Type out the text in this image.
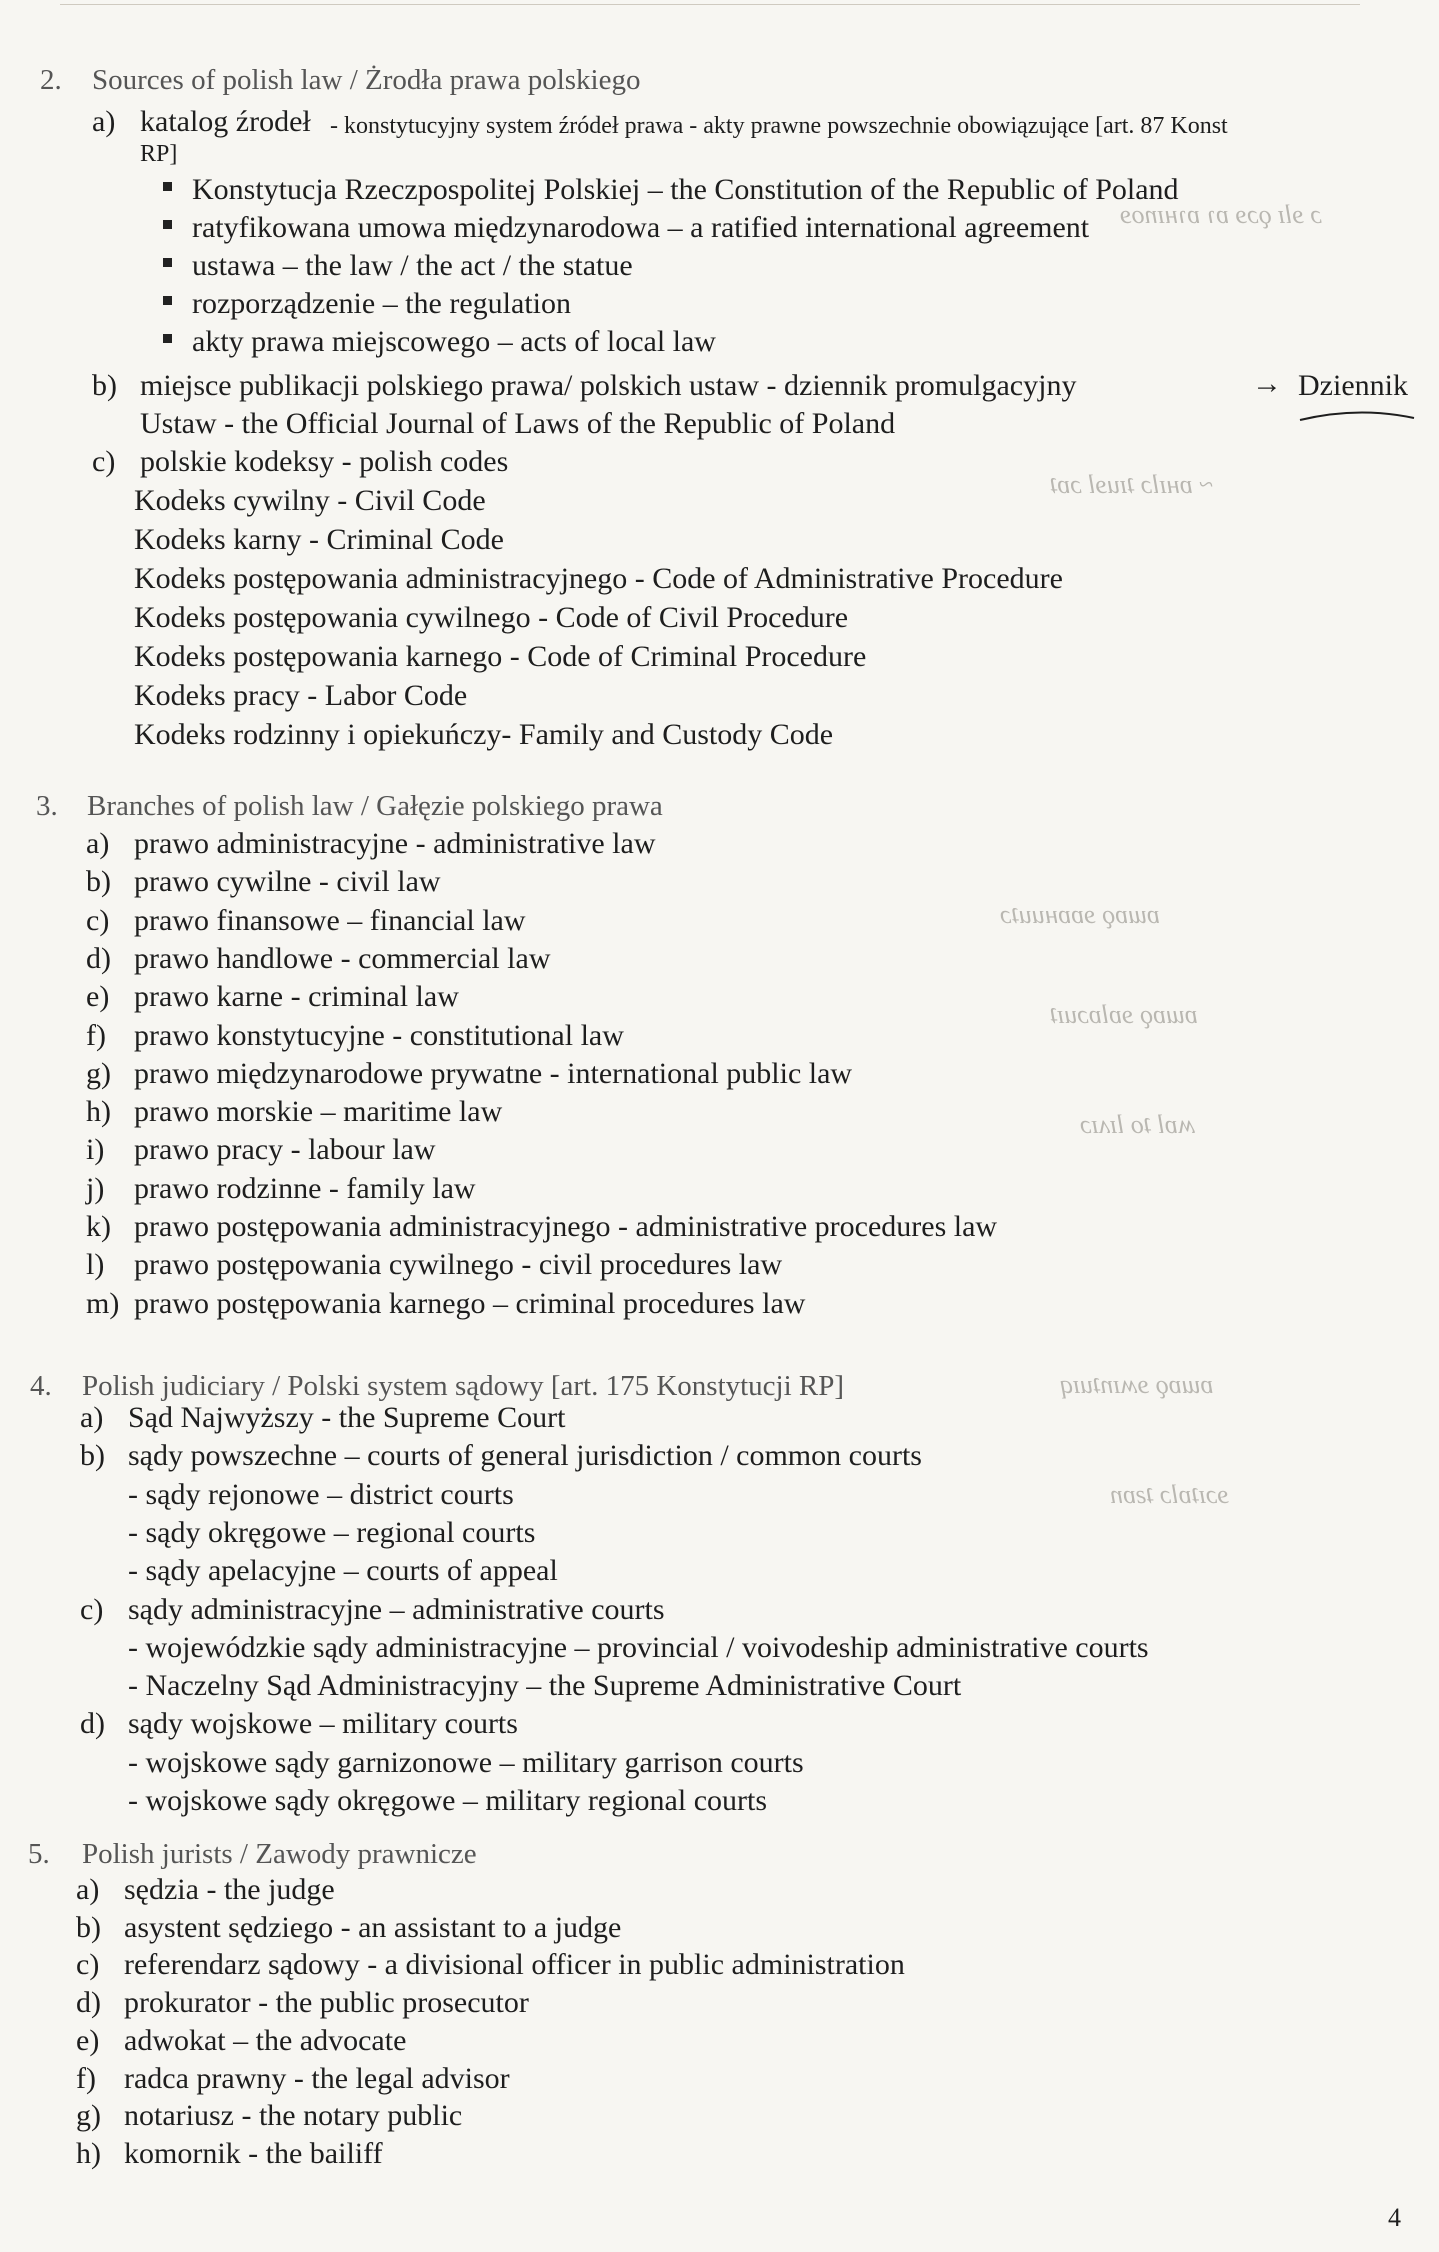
ɔ ɘlɪ ǫɔɘ ɒɿ ɒɿʜɪnoɘ
~ ɒʜɪlɔ ʇɪuɘl ɔɒʇ
ɒɯɒǫ ɘɒɒʜuuʇɔ
ɒɯɒǫ ɘɒlɒɔuɪʇ
ʍɒl ʇo lɪʌɪɔ
ɒɯɒǫ ɘʍɪnʇuɪq
ɘɔɪʇɒlɔ ʇƨɒn
2. Sources of polish law / Żrodła prawa polskiego
a) katalog źrodeł - konstytucyjny system źródeł prawa - akty prawne powszechnie obowiązujące [art. 87 Konst
RP]
Konstytucja Rzeczpospolitej Polskiej – the Constitution of the Republic of Poland
ratyfikowana umowa międzynarodowa – a ratified international agreement
ustawa – the law / the act / the statue
rozporządzenie – the regulation
akty prawa miejscowego – acts of local law
b) miejsce publikacji polskiego prawa/ polskich ustaw - dziennik promulgacyjny	→ Dziennik
Ustaw - the Official Journal of Laws of the Republic of Poland
c) polskie kodeksy - polish codes
Kodeks cywilny - Civil Code
Kodeks karny - Criminal Code
Kodeks postępowania administracyjnego - Code of Administrative Procedure
Kodeks postępowania cywilnego - Code of Civil Procedure
Kodeks postępowania karnego - Code of Criminal Procedure
Kodeks pracy - Labor Code
Kodeks rodzinny i opiekuńczy- Family and Custody Code
3. Branches of polish law / Gałęzie polskiego prawa
a) prawo administracyjne - administrative law
b) prawo cywilne - civil law
c) prawo finansowe – financial law
d) prawo handlowe - commercial law
e) prawo karne - criminal law
f) prawo konstytucyjne - constitutional law
g) prawo międzynarodowe prywatne - international public law
h) prawo morskie – maritime law
i) prawo pracy - labour law
j) prawo rodzinne - family law
k) prawo postępowania administracyjnego - administrative procedures law
l) prawo postępowania cywilnego - civil procedures law
m) prawo postępowania karnego – criminal procedures law
4. Polish judiciary / Polski system sądowy [art. 175 Konstytucji RP]
a) Sąd Najwyższy - the Supreme Court
b) sądy powszechne – courts of general jurisdiction / common courts
- sądy rejonowe – district courts
- sądy okręgowe – regional courts
- sądy apelacyjne – courts of appeal
c) sądy administracyjne – administrative courts
- wojewódzkie sądy administracyjne – provincial / voivodeship administrative courts
- Naczelny Sąd Administracyjny – the Supreme Administrative Court
d) sądy wojskowe – military courts
- wojskowe sądy garnizonowe – military garrison courts
- wojskowe sądy okręgowe – military regional courts
5. Polish jurists / Zawody prawnicze
a) sędzia - the judge
b) asystent sędziego - an assistant to a judge
c) referendarz sądowy - a divisional officer in public administration
d) prokurator - the public prosecutor
e) adwokat – the advocate
f) radca prawny - the legal advisor
g) notariusz - the notary public
h) komornik - the bailiff
4
